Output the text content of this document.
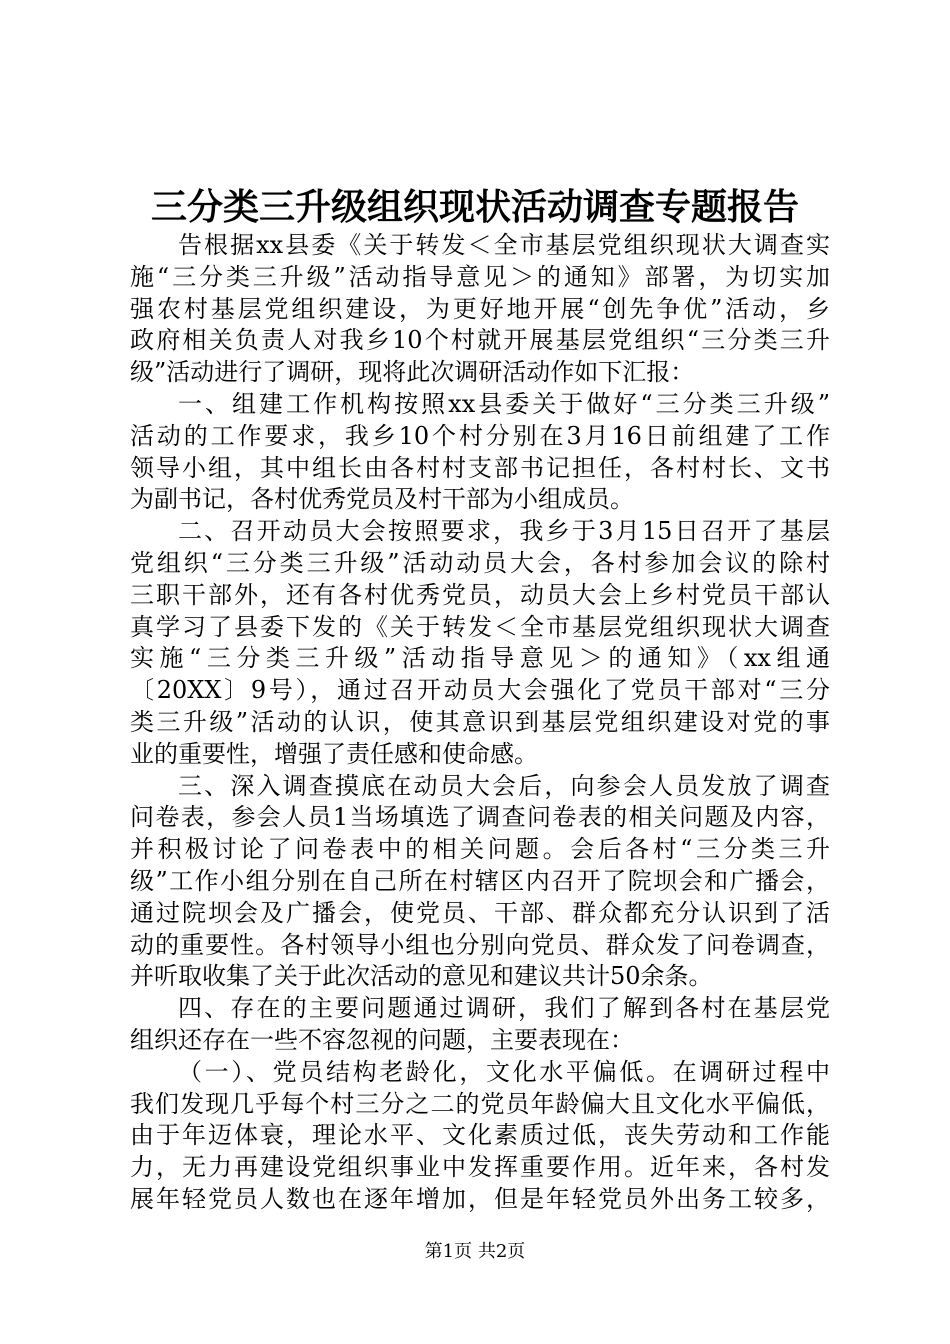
三分类三升级组织现状活动调查专题报告
告根据xx县委《关于转发＜全市基层党组织现状大调查实
施“三分类三升级”活动指导意见＞的通知》部署，为切实加
强农村基层党组织建设，为更好地开展“创先争优”活动，乡
政府相关负责人对我乡10个村就开展基层党组织“三分类三升
级”活动进行了调研，现将此次调研活动作如下汇报：
一、组建工作机构按照xx县委关于做好“三分类三升级”
活动的工作要求，我乡10个村分别在3月16日前组建了工作
领导小组，其中组长由各村村支部书记担任，各村村长、文书
为副书记，各村优秀党员及村干部为小组成员。
二、召开动员大会按照要求，我乡于3月15日召开了基层
党组织“三分类三升级”活动动员大会，各村参加会议的除村
三职干部外，还有各村优秀党员，动员大会上乡村党员干部认
真学习了县委下发的《关于转发＜全市基层党组织现状大调查
实施“三分类三升级”活动指导意见＞的通知》（xx组通
〔20XX〕9号），通过召开动员大会强化了党员干部对“三分
类三升级”活动的认识，使其意识到基层党组织建设对党的事
业的重要性，增强了责任感和使命感。
三、深入调查摸底在动员大会后，向参会人员发放了调查
问卷表，参会人员1当场填选了调查问卷表的相关问题及内容，
并积极讨论了问卷表中的相关问题。会后各村“三分类三升
级”工作小组分别在自己所在村辖区内召开了院坝会和广播会，
通过院坝会及广播会，使党员、干部、群众都充分认识到了活
动的重要性。各村领导小组也分别向党员、群众发了问卷调查，
并听取收集了关于此次活动的意见和建议共计50余条。
四、存在的主要问题通过调研，我们了解到各村在基层党
组织还存在一些不容忽视的问题，主要表现在：
（一）、党员结构老龄化，文化水平偏低。在调研过程中
我们发现几乎每个村三分之二的党员年龄偏大且文化水平偏低，
由于年迈体衰，理论水平、文化素质过低，丧失劳动和工作能
力，无力再建设党组织事业中发挥重要作用。近年来，各村发
展年轻党员人数也在逐年增加，但是年轻党员外出务工较多，
第1页 共2页
